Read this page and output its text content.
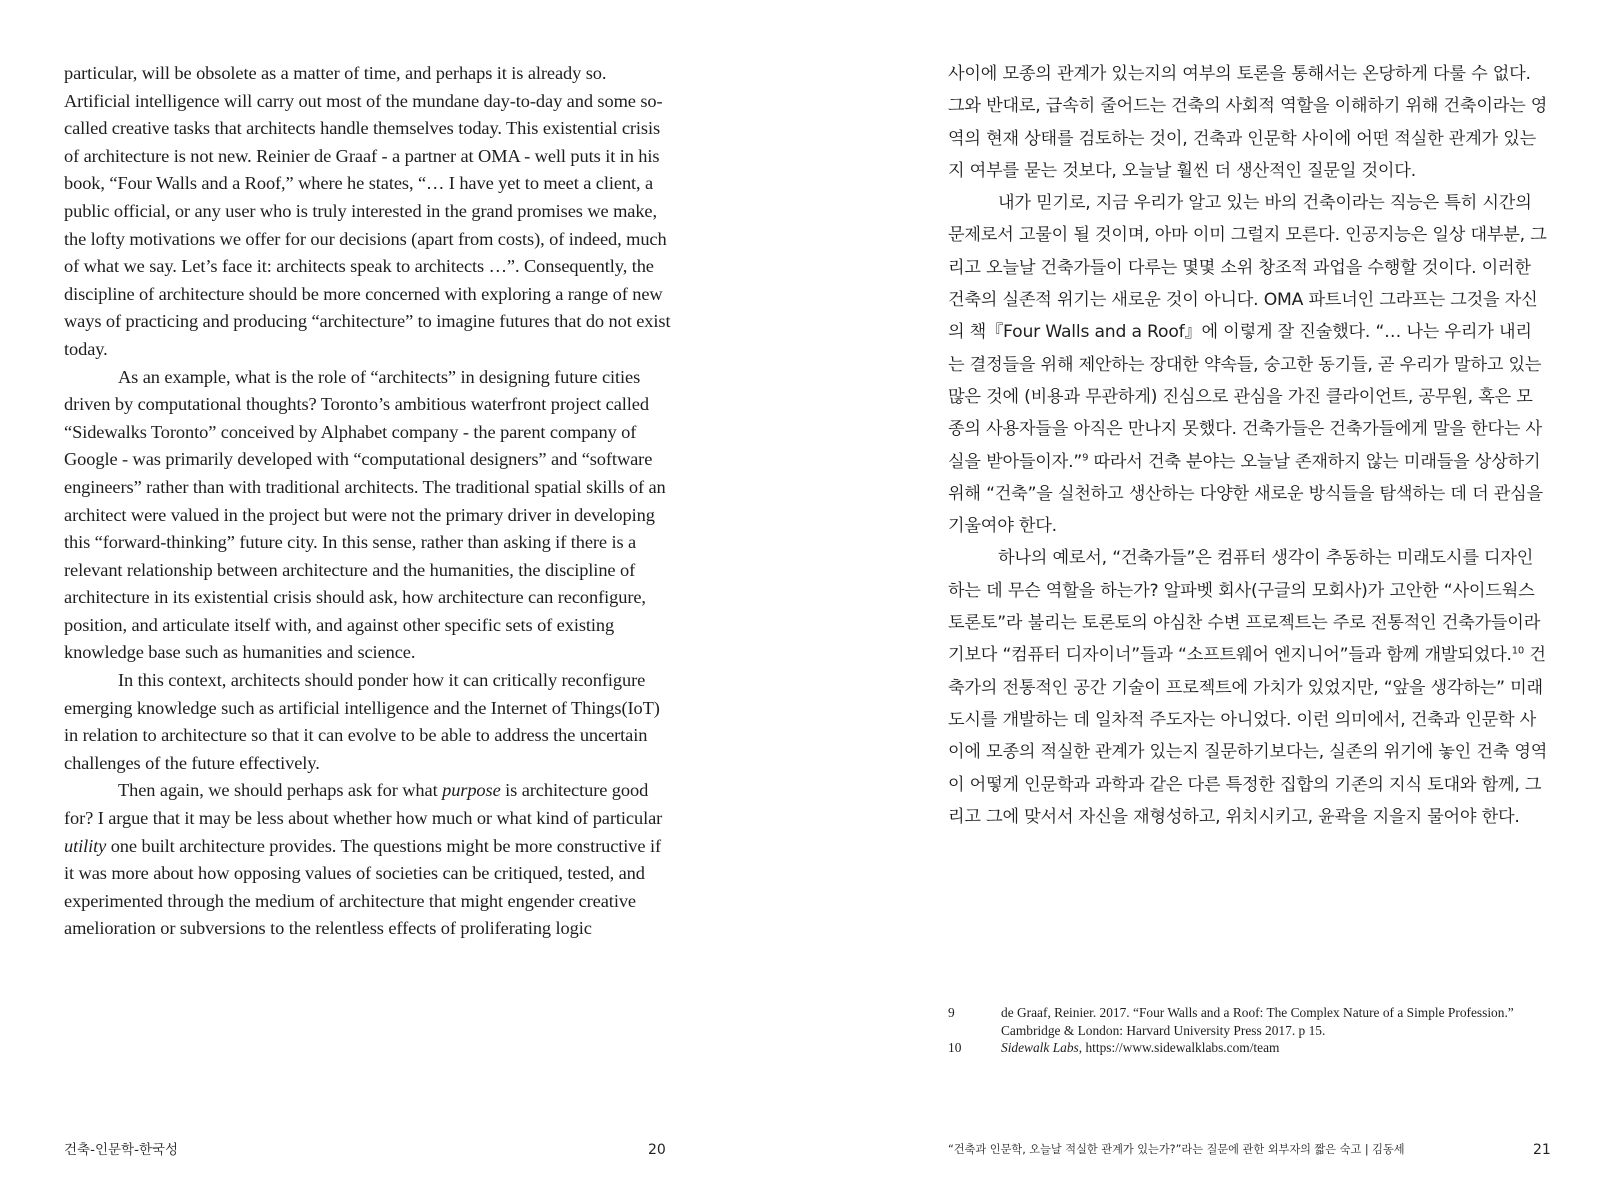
particular, will be obsolete as a matter of time, and perhaps it is already so. Artificial intelligence will carry out most of the mundane day-to-day and some so-called creative tasks that architects handle themselves today. This existential crisis of architecture is not new. Reinier de Graaf - a partner at OMA - well puts it in his book, “Four Walls and a Roof,” where he states, “… I have yet to meet a client, a public official, or any user who is truly interested in the grand promises we make, the lofty motivations we offer for our decisions (apart from costs), of indeed, much of what we say. Let’s face it: architects speak to architects …”. Consequently, the discipline of architecture should be more concerned with exploring a range of new ways of practicing and producing “architecture” to imagine futures that do not exist today.

As an example, what is the role of “architects” in designing future cities driven by computational thoughts? Toronto’s ambitious waterfront project called “Sidewalks Toronto” conceived by Alphabet company - the parent company of Google - was primarily developed with “computational designers” and “software engineers” rather than with traditional architects. The traditional spatial skills of an architect were valued in the project but were not the primary driver in developing this “forward-thinking” future city. In this sense, rather than asking if there is a relevant relationship between architecture and the humanities, the discipline of architecture in its existential crisis should ask, how architecture can reconfigure, position, and articulate itself with, and against other specific sets of existing knowledge base such as humanities and science.

In this context, architects should ponder how it can critically reconfigure emerging knowledge such as artificial intelligence and the Internet of Things(IoT) in relation to architecture so that it can evolve to be able to address the uncertain challenges of the future effectively.

Then again, we should perhaps ask for what purpose is architecture good for? I argue that it may be less about whether how much or what kind of particular utility one built architecture provides. The questions might be more constructive if it was more about how opposing values of societies can be critiqued, tested, and experimented through the medium of architecture that might engender creative amelioration or subversions to the relentless effects of proliferating logic

건축-인문학-한국성	20

사이에 모종의 관계가 있는지의 여부의 토론을 통해서는 온당하게 다룰 수 없다. 그와 반대로, 급속히 줄어드는 건축의 사회적 역할을 이해하기 위해 건축이라는 영역의 현재 상태를 검토하는 것이, 건축과 인문학 사이에 어떤 적실한 관계가 있는지 여부를 묻는 것보다, 오늘날 훨씬 더 생산적인 질문일 것이다.

내가 믿기로, 지금 우리가 알고 있는 바의 건축이라는 직능은 특히 시간의 문제로서 고물이 될 것이며, 아마 이미 그럴지 모른다. 인공지능은 일상 대부분, 그리고 오늘날 건축가들이 다루는 몇몇 소위 창조적 과업을 수행할 것이다. 이러한 건축의 실존적 위기는 새로운 것이 아니다. OMA 파트너인 그라프는 그것을 자신의 책『Four Walls and a Roof』에 이렇게 잘 진술했다. “… 나는 우리가 내리는 결정들을 위해 제안하는 장대한 약속들, 숭고한 동기들, 곧 우리가 말하고 있는 많은 것에 (비용과 무관하게) 진심으로 관심을 가진 클라이언트, 공무원, 혹은 모종의 사용자들을 아직은 만나지 못했다. 건축가들은 건축가들에게 말을 한다는 사실을 받아들이자.”$^9$ 따라서 건축 분야는 오늘날 존재하지 않는 미래들을 상상하기 위해 “건축”을 실천하고 생산하는 다양한 새로운 방식들을 탐색하는 데 더 관심을 기울여야 한다.

하나의 예로서, “건축가들”은 컴퓨터 생각이 추동하는 미래도시를 디자인하는 데 무슨 역할을 하는가? 알파벳 회사(구글의 모회사)가 고안한 “사이드웍스 토론토”라 불리는 토론토의 야심찬 수변 프로젝트는 주로 전통적인 건축가들이라기보다 “컴퓨터 디자이너”들과 “소프트웨어 엔지니어”들과 함께 개발되었다.$^{10}$ 건축가의 전통적인 공간 기술이 프로젝트에 가치가 있었지만, “앞을 생각하는” 미래도시를 개발하는 데 일차적 주도자는 아니었다. 이런 의미에서, 건축과 인문학 사이에 모종의 적실한 관계가 있는지 질문하기보다는, 실존의 위기에 놓인 건축 영역이 어떻게 인문학과 과학과 같은 다른 특정한 집합의 기존의 지식 토대와 함께, 그리고 그에 맞서서 자신을 재형성하고, 위치시키고, 윤곽을 지을지 물어야 한다.

9	de Graaf, Reinier. 2017. “Four Walls and a Roof: The Complex Nature of a Simple Profession.” Cambridge & London: Harvard University Press 2017. p 15.
10	Sidewalk Labs, https://www.sidewalklabs.com/team
“건축과 인문학, 오늘날 적실한 관계가 있는가?”라는 질문에 관한 외부자의 짧은 숙고 | 김동세	21
